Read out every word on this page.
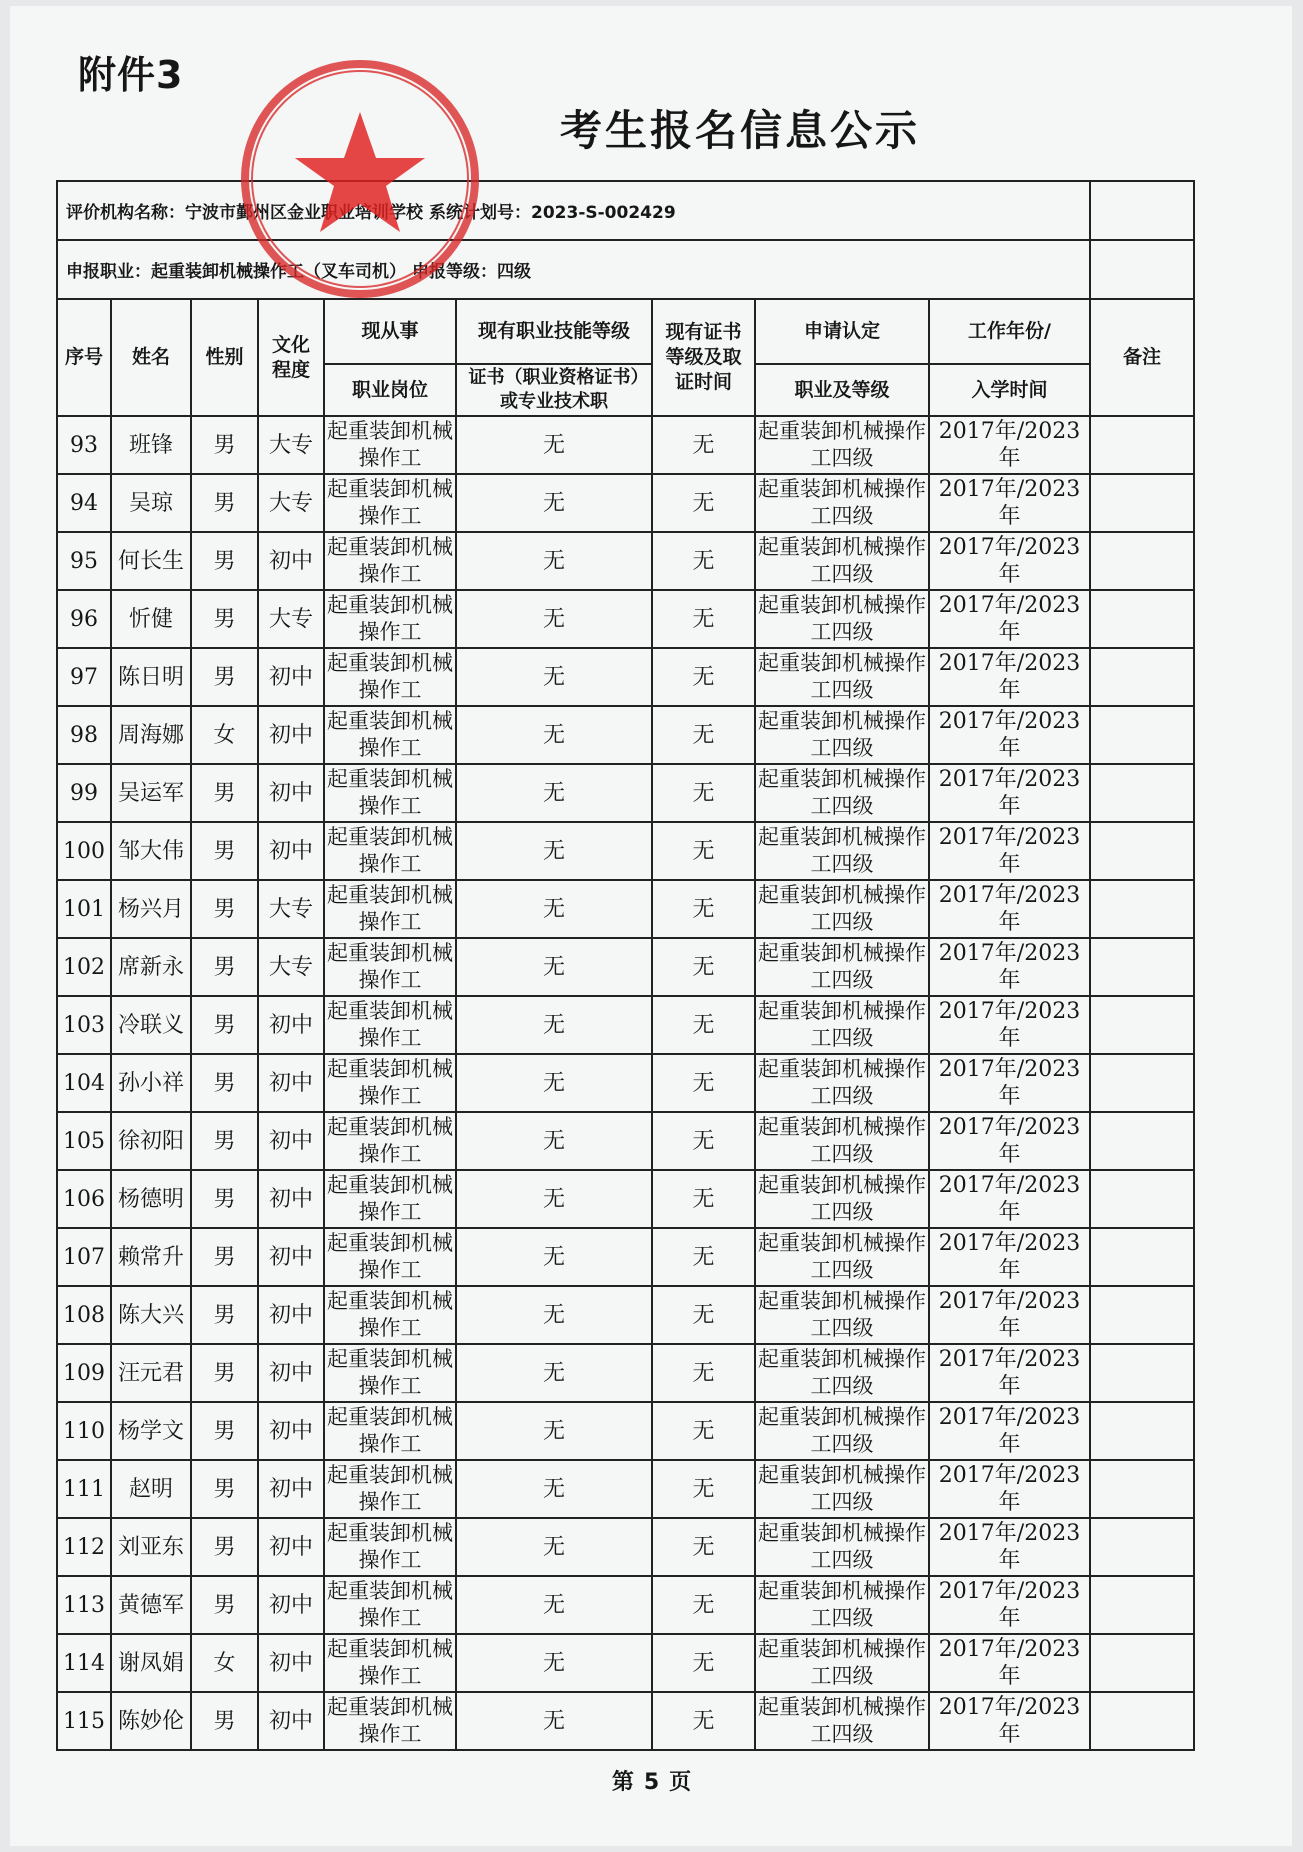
附件3
考生报名信息公示
评价机构名称：宁波市鄞州区金业职业培训学校 系统计划号：2023-S-002429									
申报职业：起重装卸机械操作工（叉车司机） 申报等级：四级									
序号	姓名	性别	文化程度	现从事	现有职业技能等级	现有证书等级及取证时间	申请认定	工作年份/	备注
				职业岗位	证书（职业资格证书）或专业技术职		职业及等级	入学时间	
93	班锋	男	大专	起重装卸机械操作工	无	无	起重装卸机械操作工四级	2017年/2023年	
94	吴琼	男	大专	起重装卸机械操作工	无	无	起重装卸机械操作工四级	2017年/2023年	
95	何长生	男	初中	起重装卸机械操作工	无	无	起重装卸机械操作工四级	2017年/2023年	
96	忻健	男	大专	起重装卸机械操作工	无	无	起重装卸机械操作工四级	2017年/2023年	
97	陈日明	男	初中	起重装卸机械操作工	无	无	起重装卸机械操作工四级	2017年/2023年	
98	周海娜	女	初中	起重装卸机械操作工	无	无	起重装卸机械操作工四级	2017年/2023年	
99	吴运军	男	初中	起重装卸机械操作工	无	无	起重装卸机械操作工四级	2017年/2023年	
100	邹大伟	男	初中	起重装卸机械操作工	无	无	起重装卸机械操作工四级	2017年/2023年	
101	杨兴月	男	大专	起重装卸机械操作工	无	无	起重装卸机械操作工四级	2017年/2023年	
102	席新永	男	大专	起重装卸机械操作工	无	无	起重装卸机械操作工四级	2017年/2023年	
103	冷联义	男	初中	起重装卸机械操作工	无	无	起重装卸机械操作工四级	2017年/2023年	
104	孙小祥	男	初中	起重装卸机械操作工	无	无	起重装卸机械操作工四级	2017年/2023年	
105	徐初阳	男	初中	起重装卸机械操作工	无	无	起重装卸机械操作工四级	2017年/2023年	
106	杨德明	男	初中	起重装卸机械操作工	无	无	起重装卸机械操作工四级	2017年/2023年	
107	赖常升	男	初中	起重装卸机械操作工	无	无	起重装卸机械操作工四级	2017年/2023年	
108	陈大兴	男	初中	起重装卸机械操作工	无	无	起重装卸机械操作工四级	2017年/2023年	
109	汪元君	男	初中	起重装卸机械操作工	无	无	起重装卸机械操作工四级	2017年/2023年	
110	杨学文	男	初中	起重装卸机械操作工	无	无	起重装卸机械操作工四级	2017年/2023年	
111	赵明	男	初中	起重装卸机械操作工	无	无	起重装卸机械操作工四级	2017年/2023年	
112	刘亚东	男	初中	起重装卸机械操作工	无	无	起重装卸机械操作工四级	2017年/2023年	
113	黄德军	男	初中	起重装卸机械操作工	无	无	起重装卸机械操作工四级	2017年/2023年	
114	谢凤娟	女	初中	起重装卸机械操作工	无	无	起重装卸机械操作工四级	2017年/2023年	
115	陈妙伦	男	初中	起重装卸机械操作工	无	无	起重装卸机械操作工四级	2017年/2023年	
第 5 页
